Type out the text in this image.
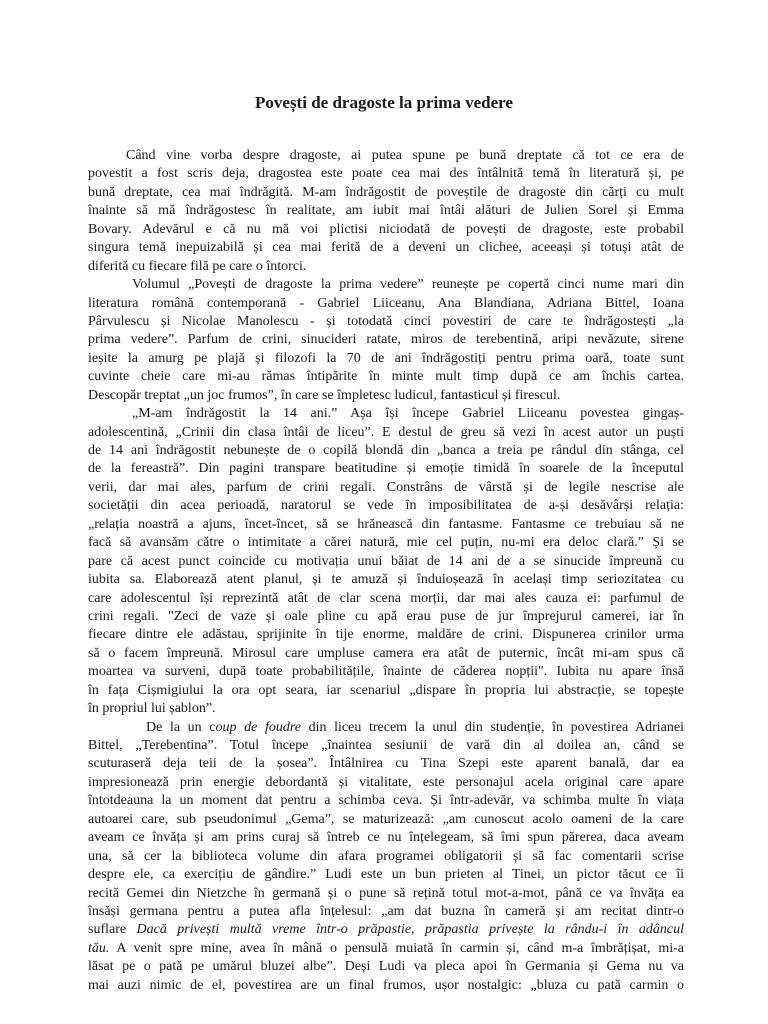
Povești de dragoste la prima vedere
Când vine vorba despre dragoste, ai putea spune pe bună dreptate că tot ce era de
povestit a fost scris deja, dragostea este poate cea mai des întâlnită temă în literatură și, pe
bună dreptate, cea mai îndrăgită. M-am îndrăgostit de poveștile de dragoste din cărți cu mult
înainte să mă îndrăgostesc în realitate, am iubit mai întâi alături de Julien Sorel și Emma
Bovary. Adevărul e că nu mă voi plictisi niciodată de povești de dragoste, este probabil
singura temă inepuizabilă și cea mai ferită de a deveni un clichee, aceeași și totuși atât de
diferită cu fiecare filă pe care o întorci.
Volumul „Povești de dragoste la prima vedere” reunește pe copertă cinci nume mari din
literatura română contemporană - Gabriel Liiceanu, Ana Blandiana, Adriana Bittel, Ioana
Pârvulescu și Nicolae Manolescu - și totodată cinci povestiri de care te îndrăgostești „la
prima vedere”. Parfum de crini, sinucideri ratate, miros de terebentină, aripi nevăzute, sirene
ieșite la amurg pe plajă și filozofi la 70 de ani îndrăgostiți pentru prima oară, toate sunt
cuvinte cheie care mi-au rămas întipărite în minte mult timp după ce am închis cartea.
Descopăr treptat „un joc frumos”, în care se împletesc ludicul, fantasticul și firescul.
„M-am îndrăgostit la 14 ani.” Așa își începe Gabriel Liiceanu povestea gingaș-
adolescentină, „Crinii din clasa întâi de liceu”. E destul de greu să vezi în acest autor un puști
de 14 ani îndrăgostit nebunește de o copilă blondă din „banca a treia pe rândul din stânga, cel
de la fereastră”. Din pagini transpare beatitudine și emoție timidă în soarele de la începutul
verii, dar mai ales, parfum de crini regali. Constrâns de vârstă și de legile nescrise ale
societății din acea perioadă, naratorul se vede în imposibilitatea de a-și desăvârși relația:
„relația noastră a ajuns, încet-încet, să se hrănească din fantasme. Fantasme ce trebuiau să ne
facă să avansăm către o intimitate a cărei natură, mie cel puțin, nu-mi era deloc clară.” Și se
pare că acest punct coincide cu motivația unui băiat de 14 ani de a se sinucide împreună cu
iubita sa. Elaborează atent planul, și te amuză și înduioșează în același timp seriozitatea cu
care adolescentul își reprezintă atât de clar scena morții, dar mai ales cauza ei: parfumul de
crini regali. "Zeci de vaze și oale pline cu apă erau puse de jur împrejurul camerei, iar în
fiecare dintre ele adăstau, sprijinite în tije enorme, maldăre de crini. Dispunerea crinilor urma
să o facem împreună. Mirosul care umpluse camera era atât de puternic, încât mi-am spus că
moartea va surveni, după toate probabilitățile, înainte de căderea nopții". Iubita nu apare însă
în fața Cișmigiului la ora opt seara, iar scenariul „dispare în propria lui abstracție, se topește
în propriul lui șablon”.
De la un coup de foudre din liceu trecem la unul din studenție, în povestirea Adrianei
Bittel, „Terebentina”. Totul începe „înaintea sesiunii de vară din al doilea an, când se
scuturaseră deja teii de la șosea”. Întâlnirea cu Tina Szepi este aparent banală, dar ea
impresionează prin energie debordantă și vitalitate, este personajul acela original care apare
întotdeauna la un moment dat pentru a schimba ceva. Și într-adevăr, va schimba multe în viața
autoarei care, sub pseudonimul „Gema”, se maturizează: „am cunoscut acolo oameni de la care
aveam ce învăța și am prins curaj să întreb ce nu înțelegeam, să îmi spun părerea, daca aveam
una, să cer la biblioteca volume din afara programei obligatorii și să fac comentarii scrise
despre ele, ca exercițiu de gândire.” Ludi este un bun prieten al Tinei, un pictor tăcut ce îi
recită Gemei din Nietzche în germană și o pune să rețină totul mot-a-mot, până ce va învăța ea
însăși germana pentru a putea afla înțelesul: „am dat buzna în cameră și am recitat dintr-o
suflare Dacă privești multă vreme într-o prăpastie, prăpastia privește la rându-i în adâncul
tău. A venit spre mine, avea în mână o pensulă muiată în carmin și, când m-a îmbrățișat, mi-a
lăsat pe o pată pe umărul bluzei albe”. Deși Ludi va pleca apoi în Germania și Gema nu va
mai auzi nimic de el, povestirea are un final frumos, ușor nostalgic: „bluza cu pată carmin o
